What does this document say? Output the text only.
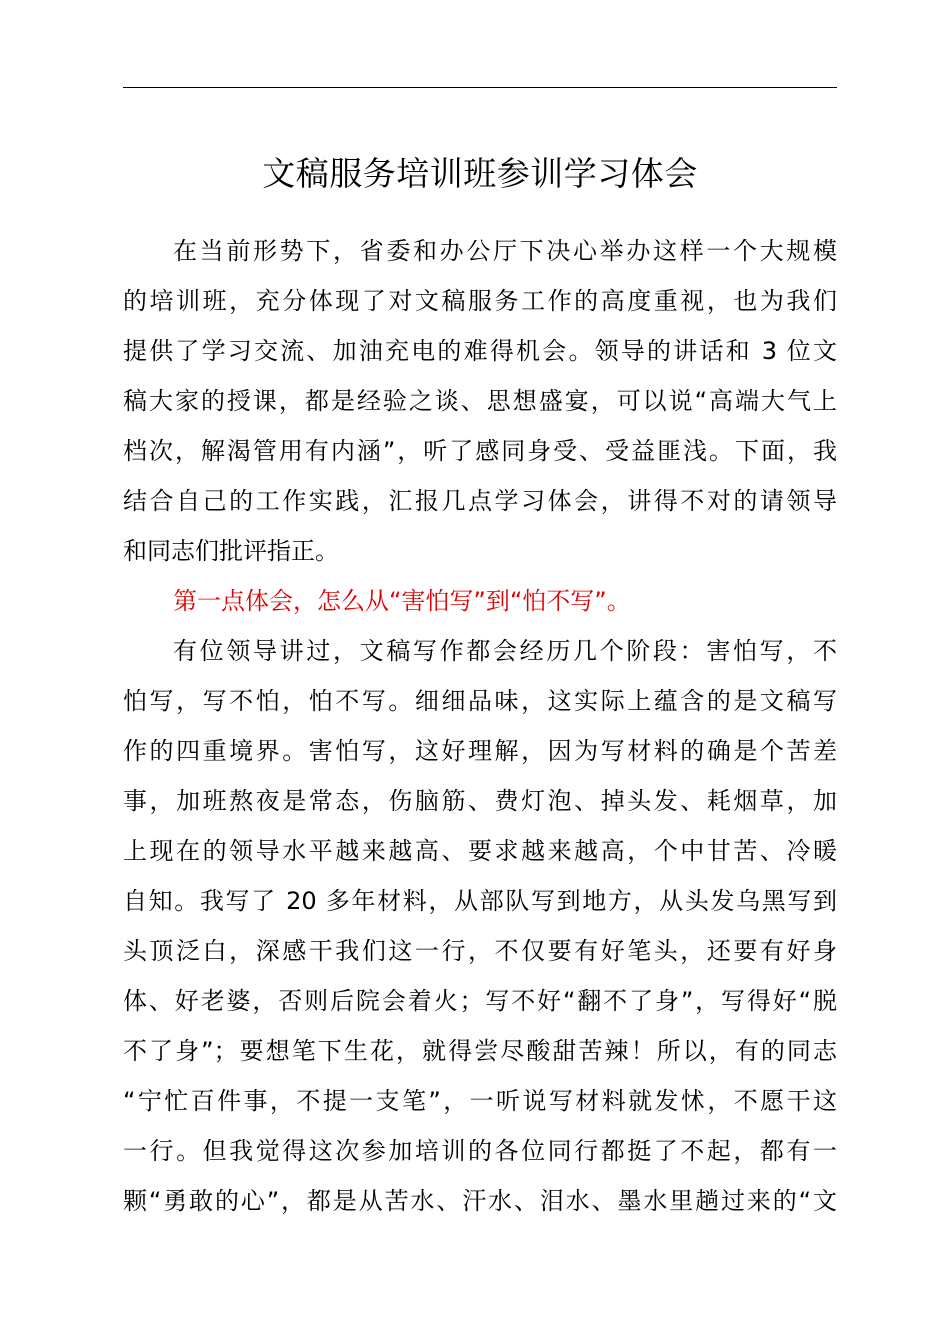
文稿服务培训班参训学习体会
在当前形势下，省委和办公厅下决心举办这样一个大规模
的培训班，充分体现了对文稿服务工作的高度重视，也为我们
提供了学习交流、加油充电的难得机会。领导的讲话和 3 位文
稿大家的授课，都是经验之谈、思想盛宴，可以说“高端大气上
档次，解渴管用有内涵”，听了感同身受、受益匪浅。下面，我
结合自己的工作实践，汇报几点学习体会，讲得不对的请领导
和同志们批评指正。
第一点体会，怎么从“害怕写”到“怕不写”。
有位领导讲过，文稿写作都会经历几个阶段：害怕写，不
怕写，写不怕，怕不写。细细品味，这实际上蕴含的是文稿写
作的四重境界。害怕写，这好理解，因为写材料的确是个苦差
事，加班熬夜是常态，伤脑筋、费灯泡、掉头发、耗烟草，加
上现在的领导水平越来越高、要求越来越高，个中甘苦、冷暖
自知。我写了 20 多年材料，从部队写到地方，从头发乌黑写到
头顶泛白，深感干我们这一行，不仅要有好笔头，还要有好身
体、好老婆，否则后院会着火；写不好“翻不了身”，写得好“脱
不了身”；要想笔下生花，就得尝尽酸甜苦辣！所以，有的同志
“宁忙百件事，不提一支笔”，一听说写材料就发怵，不愿干这
一行。但我觉得这次参加培训的各位同行都挺了不起，都有一
颗“勇敢的心”，都是从苦水、汗水、泪水、墨水里趟过来的“文
